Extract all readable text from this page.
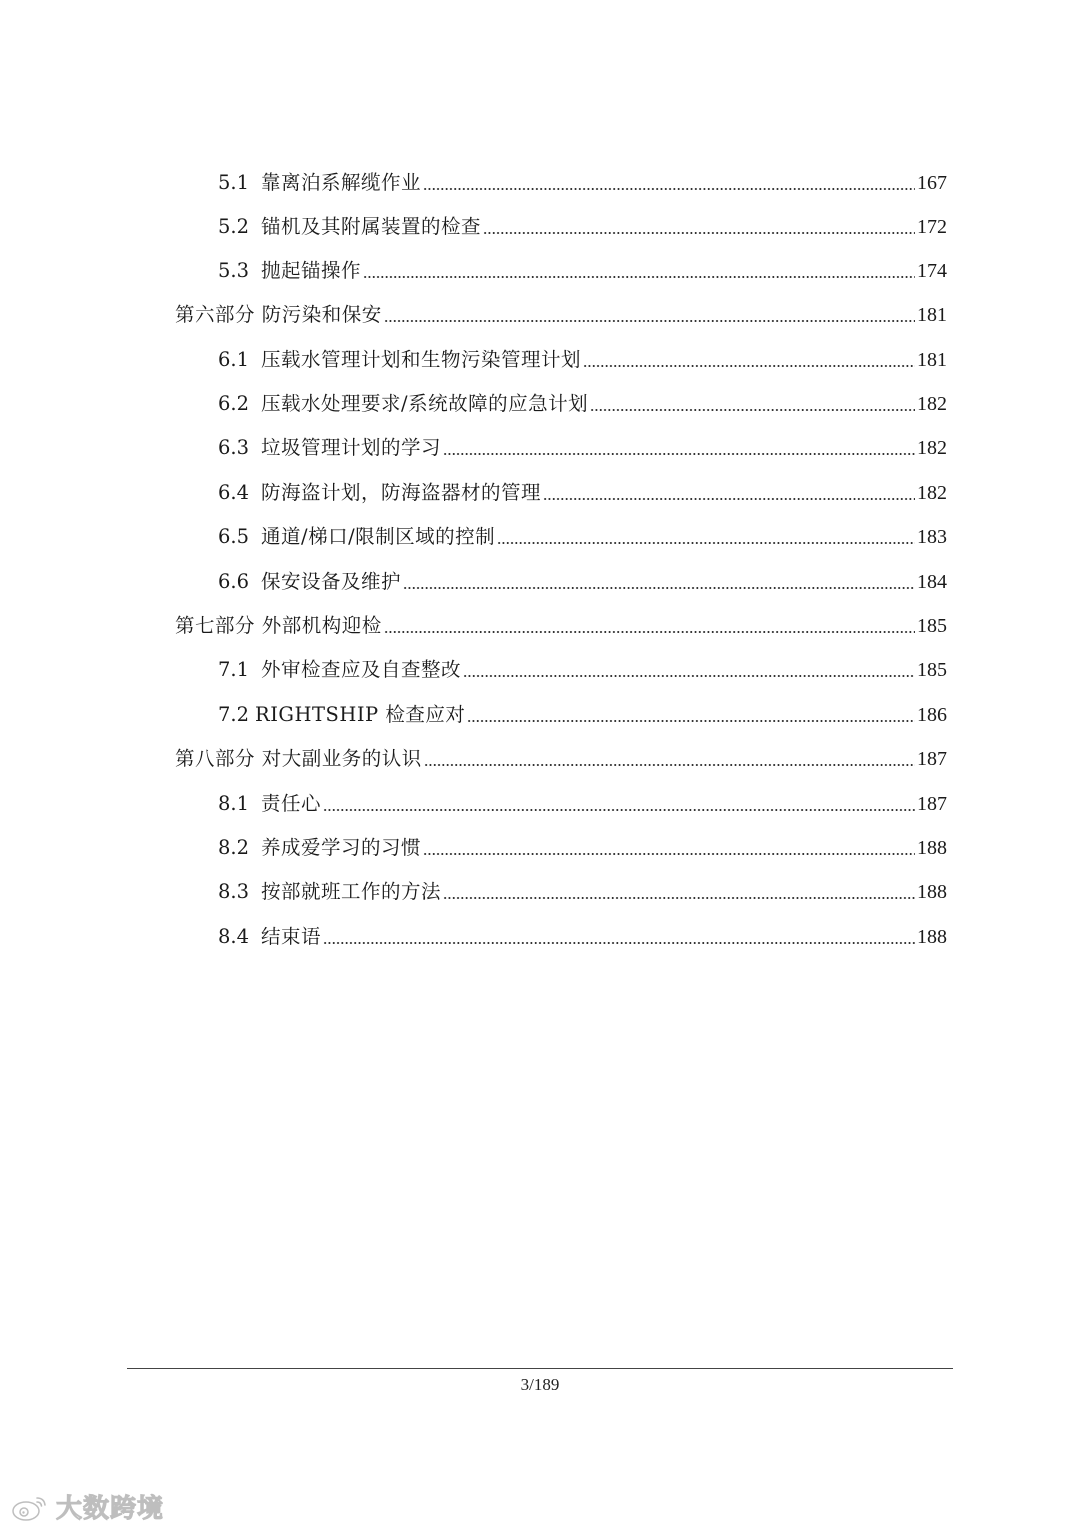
5.1 靠离泊系解缆作业	167
5.2 锚机及其附属装置的检查	172
5.3 抛起锚操作	174
第六部分 防污染和保安	181
6.1 压载水管理计划和生物污染管理计划	181
6.2 压载水处理要求/系统故障的应急计划	182
6.3 垃圾管理计划的学习	182
6.4 防海盗计划，防海盗器材的管理	182
6.5 通道/梯口/限制区域的控制	183
6.6 保安设备及维护	184
第七部分 外部机构迎检	185
7.1 外审检查应及自查整改	185
7.2 RIGHTSHIP 检查应对	186
第八部分 对大副业务的认识	187
8.1 责任心	187
8.2 养成爱学习的习惯	188
8.3 按部就班工作的方法	188
8.4 结束语	188
3/189
大数跨境
